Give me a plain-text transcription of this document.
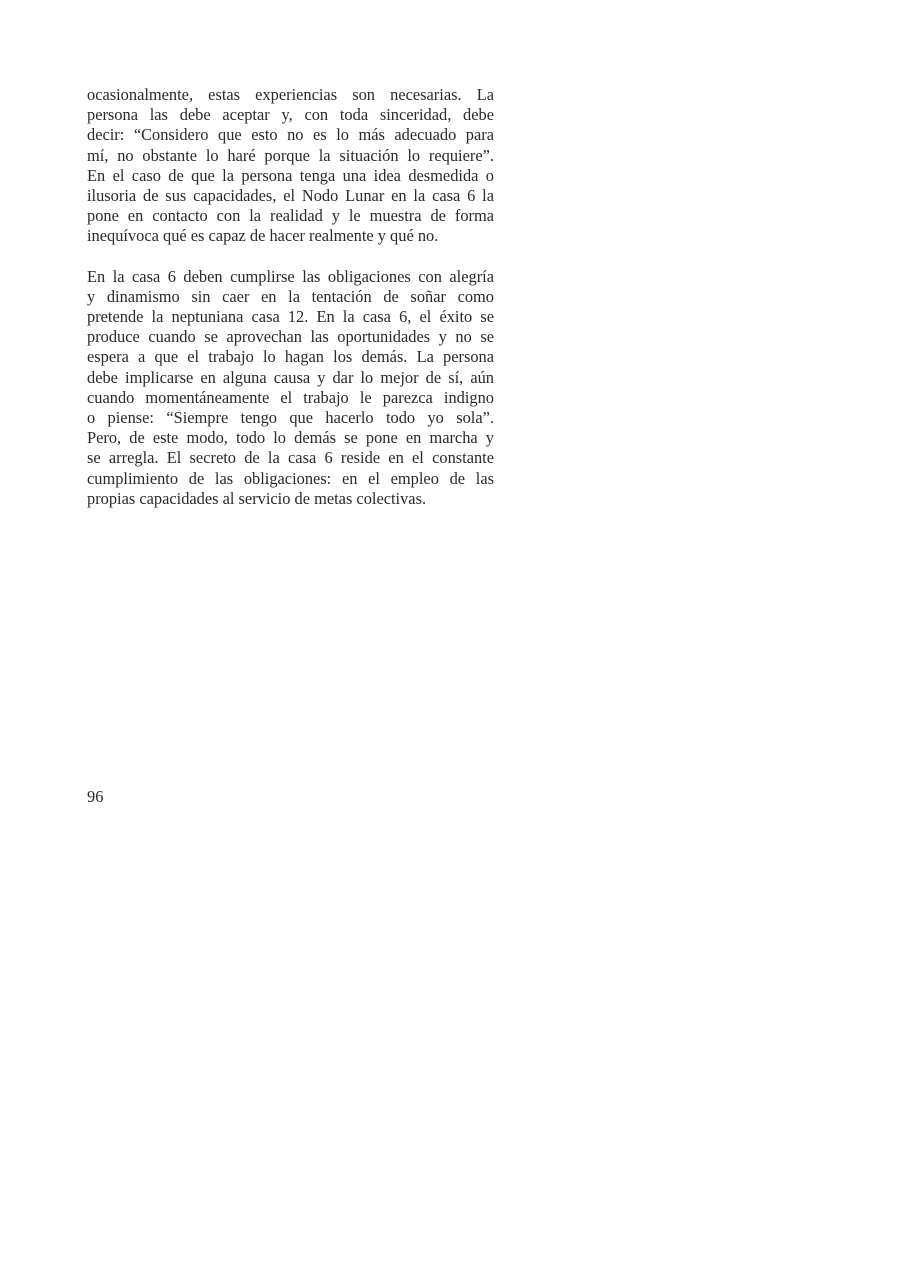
ocasionalmente, estas experiencias son necesarias. La
persona las debe aceptar y, con toda sinceridad, debe
decir: “Considero que esto no es lo más adecuado para
mí, no obstante lo haré porque la situación lo requiere”.
En el caso de que la persona tenga una idea desmedida o
ilusoria de sus capacidades, el Nodo Lunar en la casa 6 la
pone en contacto con la realidad y le muestra de forma
inequívoca qué es capaz de hacer realmente y qué no.

En la casa 6 deben cumplirse las obligaciones con alegría
y dinamismo sin caer en la tentación de soñar como
pretende la neptuniana casa 12. En la casa 6, el éxito se
produce cuando se aprovechan las oportunidades y no se
espera a que el trabajo lo hagan los demás. La persona
debe implicarse en alguna causa y dar lo mejor de sí, aún
cuando momentáneamente el trabajo le parezca indigno
o piense: “Siempre tengo que hacerlo todo yo sola”.
Pero, de este modo, todo lo demás se pone en marcha y
se arregla. El secreto de la casa 6 reside en el constante
cumplimiento de las obligaciones: en el empleo de las
propias capacidades al servicio de metas colectivas.

96
